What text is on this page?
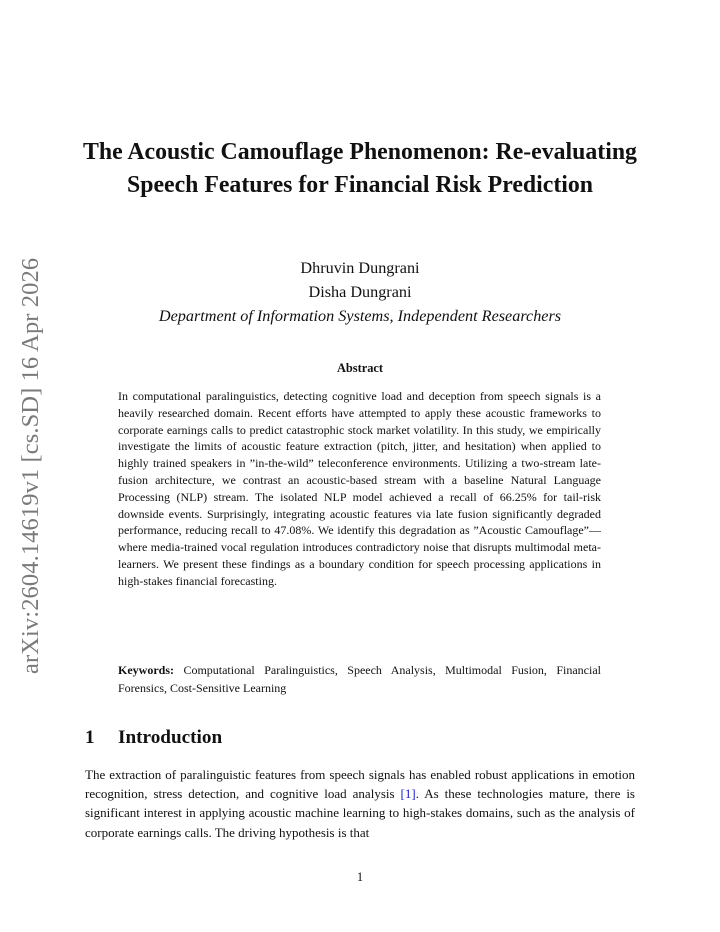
arXiv:2604.14619v1 [cs.SD] 16 Apr 2026
The Acoustic Camouflage Phenomenon: Re-evaluating Speech Features for Financial Risk Prediction
Dhruvin Dungrani
Disha Dungrani
Department of Information Systems, Independent Researchers
Abstract

In computational paralinguistics, detecting cognitive load and deception from speech signals is a heavily researched domain. Recent efforts have attempted to apply these acoustic frameworks to corporate earnings calls to predict catastrophic stock market volatility. In this study, we empirically investigate the limits of acoustic feature extraction (pitch, jitter, and hesitation) when applied to highly trained speakers in ”in-the-wild” teleconference environments. Utilizing a two-stream late-fusion architecture, we contrast an acoustic-based stream with a baseline Natural Language Processing (NLP) stream. The isolated NLP model achieved a recall of 66.25% for tail-risk downside events. Surprisingly, integrating acoustic features via late fusion significantly degraded performance, reducing recall to 47.08%. We identify this degradation as ”Acoustic Camouflage”—where media-trained vocal regulation introduces contradictory noise that disrupts multimodal meta-learners. We present these findings as a boundary condition for speech processing applications in high-stakes financial forecasting.

Keywords: Computational Paralinguistics, Speech Analysis, Multimodal Fusion, Financial Forensics, Cost-Sensitive Learning

1 Introduction

The extraction of paralinguistic features from speech signals has enabled robust applications in emotion recognition, stress detection, and cognitive load analysis [1]. As these technologies mature, there is significant interest in applying acoustic machine learning to high-stakes domains, such as the analysis of corporate earnings calls. The driving hypothesis is that

1
